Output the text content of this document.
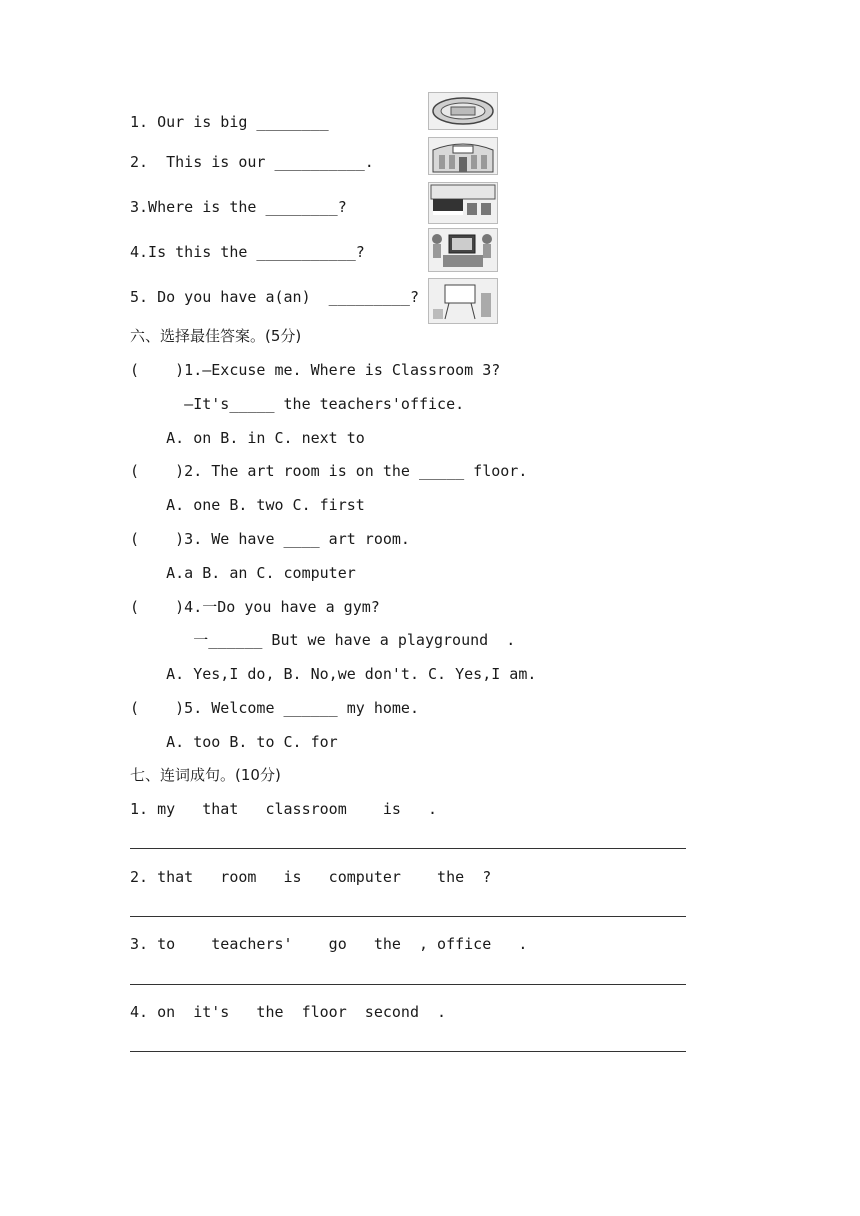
1. Our is big ________
2.  This is our __________.
3.Where is the ________?
4.Is this the ___________?
5. Do you have a(an)  _________?
六、选择最佳答案。(5分)
(    )1.—Excuse me. Where is Classroom 3?
—It's_____ the teachers'office.
A. on B. in C. next to
(    )2. The art room is on the _____ floor.
A. one B. two C. first
(    )3. We have ____ art room.
A.a B. an C. computer
(    )4.一Do you have a gym?
一______ But we have a playground  .
A. Yes,I do, B. No,we don't. C. Yes,I am.
(    )5. Welcome ______ my home.
A. too B. to C. for
七、连词成句。(10分)
1. my   that   classroom    is   .
2. that   room   is   computer    the  ?
3. to    teachers'    go   the  , office   .
4. on  it's   the  floor  second  .
